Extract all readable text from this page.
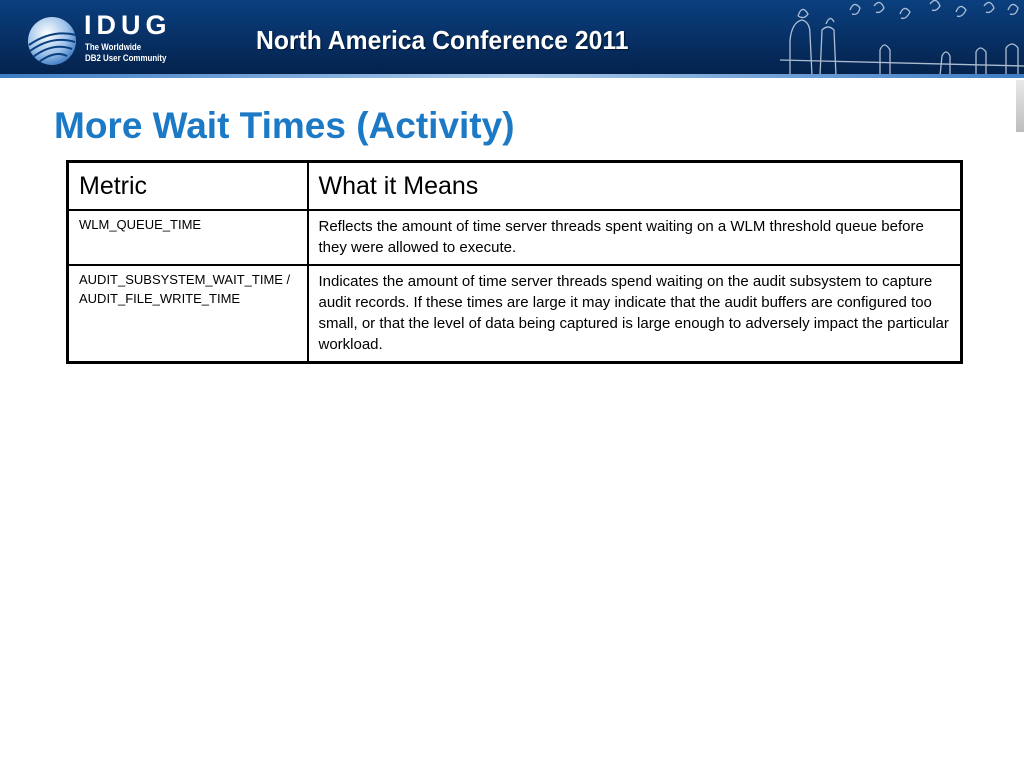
IDUG
The Worldwide
DB2 User Community
North America Conference 2011
More Wait Times (Activity)
Metric	What it Means
WLM_QUEUE_TIME	Reflects the amount of time server threads spent waiting on a WLM threshold queue before they were allowed to execute.
AUDIT_SUBSYSTEM_WAIT_TIME / AUDIT_FILE_WRITE_TIME	Indicates the amount of time server threads spend waiting on the audit subsystem to capture audit records. If these times are large it may indicate that the audit buffers are configured too small, or that the level of data being captured is large enough to adversely impact the particular workload.
